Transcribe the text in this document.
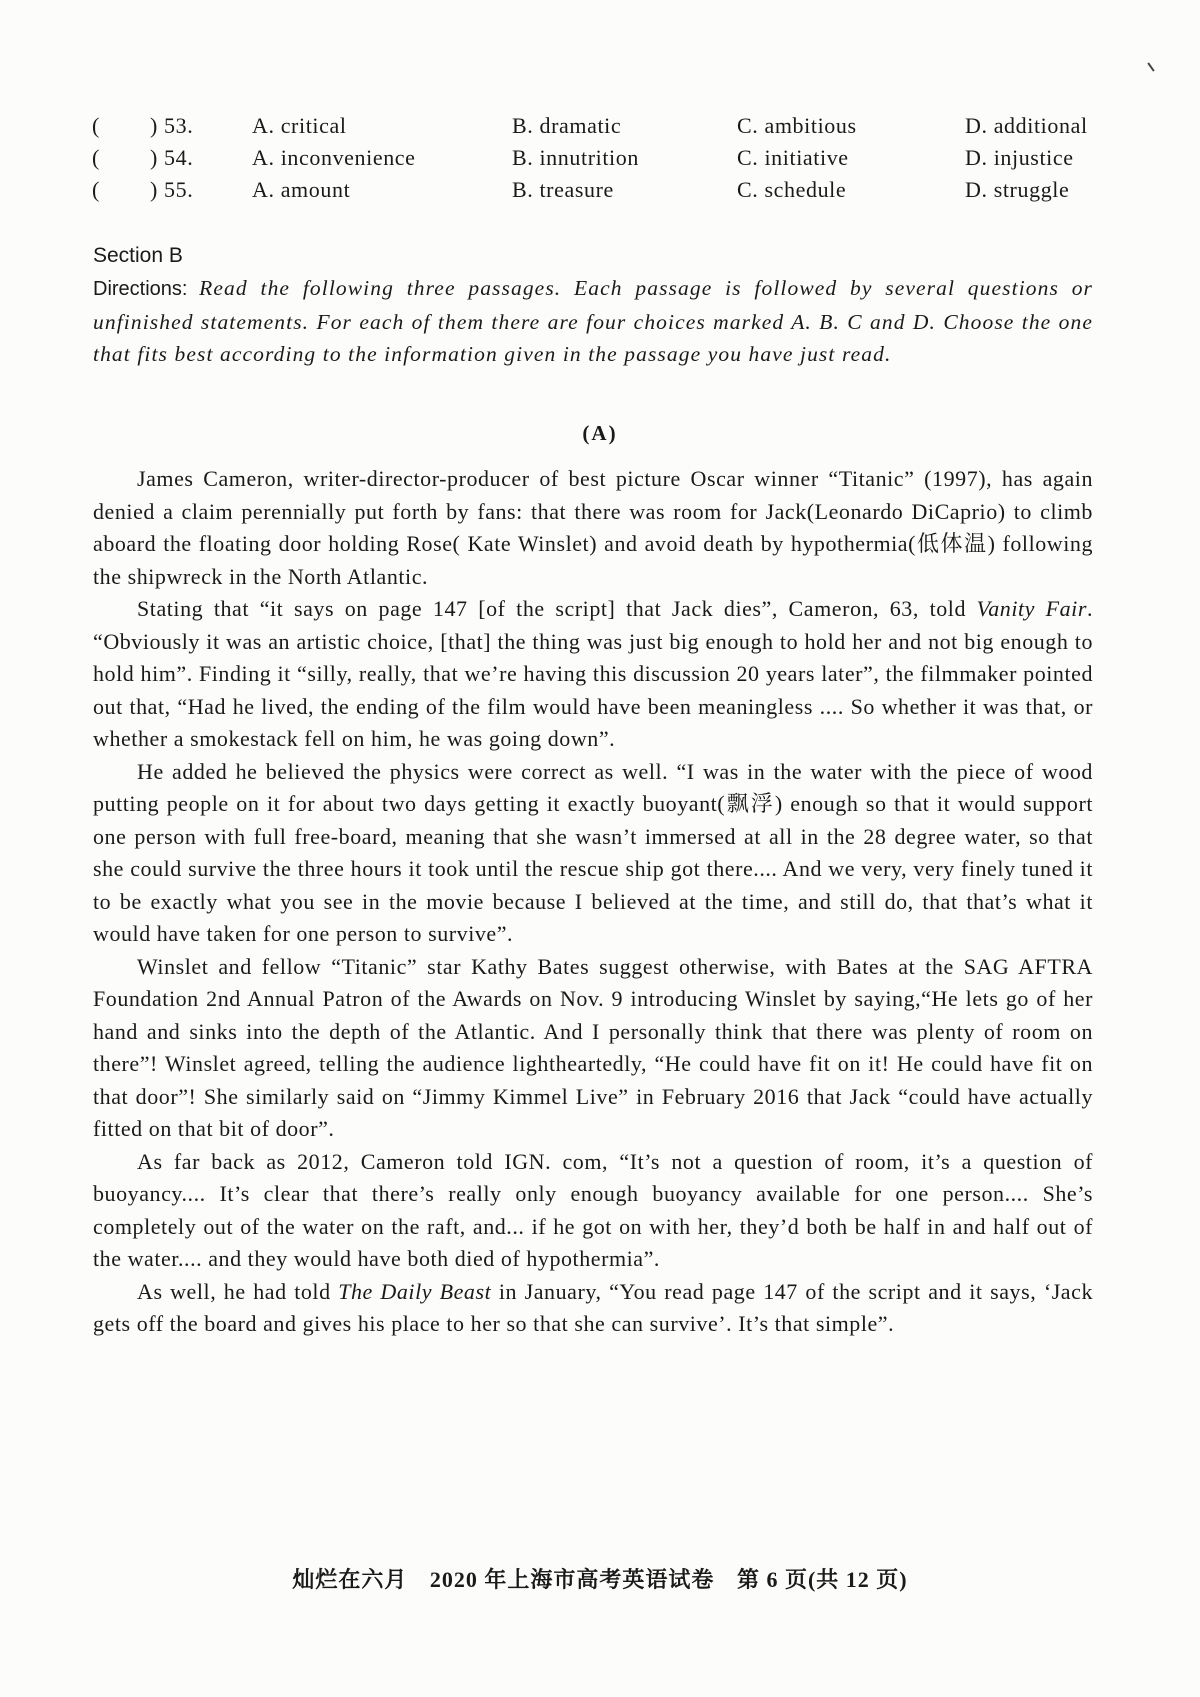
( ) 53.	A. critical	B. dramatic	C. ambitious	D. additional
( ) 54.	A. inconvenience	B. innutrition	C. initiative	D. injustice
( ) 55.	A. amount	B. treasure	C. schedule	D. struggle
Section B
Directions: Read the following three passages. Each passage is followed by several questions or unfinished statements. For each of them there are four choices marked A. B. C and D. Choose the one that fits best according to the information given in the passage you have just read.
(A)

James Cameron, writer-director-producer of best picture Oscar winner “Titanic” (1997), has again denied a claim perennially put forth by fans: that there was room for Jack(Leonardo DiCaprio) to climb aboard the floating door holding Rose( Kate Winslet) and avoid death by hypothermia(低体温) following the shipwreck in the North Atlantic.

Stating that “it says on page 147 [of the script] that Jack dies”, Cameron, 63, told Vanity Fair. “Obviously it was an artistic choice, [that] the thing was just big enough to hold her and not big enough to hold him”. Finding it “silly, really, that we’re having this discussion 20 years later”, the filmmaker pointed out that, “Had he lived, the ending of the film would have been meaningless .... So whether it was that, or whether a smokestack fell on him, he was going down”.

He added he believed the physics were correct as well. “I was in the water with the piece of wood putting people on it for about two days getting it exactly buoyant(飘浮) enough so that it would support one person with full free-board, meaning that she wasn’t immersed at all in the 28 degree water, so that she could survive the three hours it took until the rescue ship got there.... And we very, very finely tuned it to be exactly what you see in the movie because I believed at the time, and still do, that that’s what it would have taken for one person to survive”.

Winslet and fellow “Titanic” star Kathy Bates suggest otherwise, with Bates at the SAG AFTRA Foundation 2nd Annual Patron of the Awards on Nov. 9 introducing Winslet by saying,“He lets go of her hand and sinks into the depth of the Atlantic. And I personally think that there was plenty of room on there”! Winslet agreed, telling the audience lightheartedly, “He could have fit on it! He could have fit on that door”! She similarly said on “Jimmy Kimmel Live” in February 2016 that Jack “could have actually fitted on that bit of door”.

As far back as 2012, Cameron told IGN. com, “It’s not a question of room, it’s a question of buoyancy.... It’s clear that there’s really only enough buoyancy available for one person.... She’s completely out of the water on the raft, and... if he got on with her, they’d both be half in and half out of the water.... and they would have both died of hypothermia”.

As well, he had told The Daily Beast in January, “You read page 147 of the script and it says, ‘Jack gets off the board and gives his place to her so that she can survive’. It’s that simple”.

灿烂在六月 2020 年上海市高考英语试卷 第 6 页(共 12 页)
